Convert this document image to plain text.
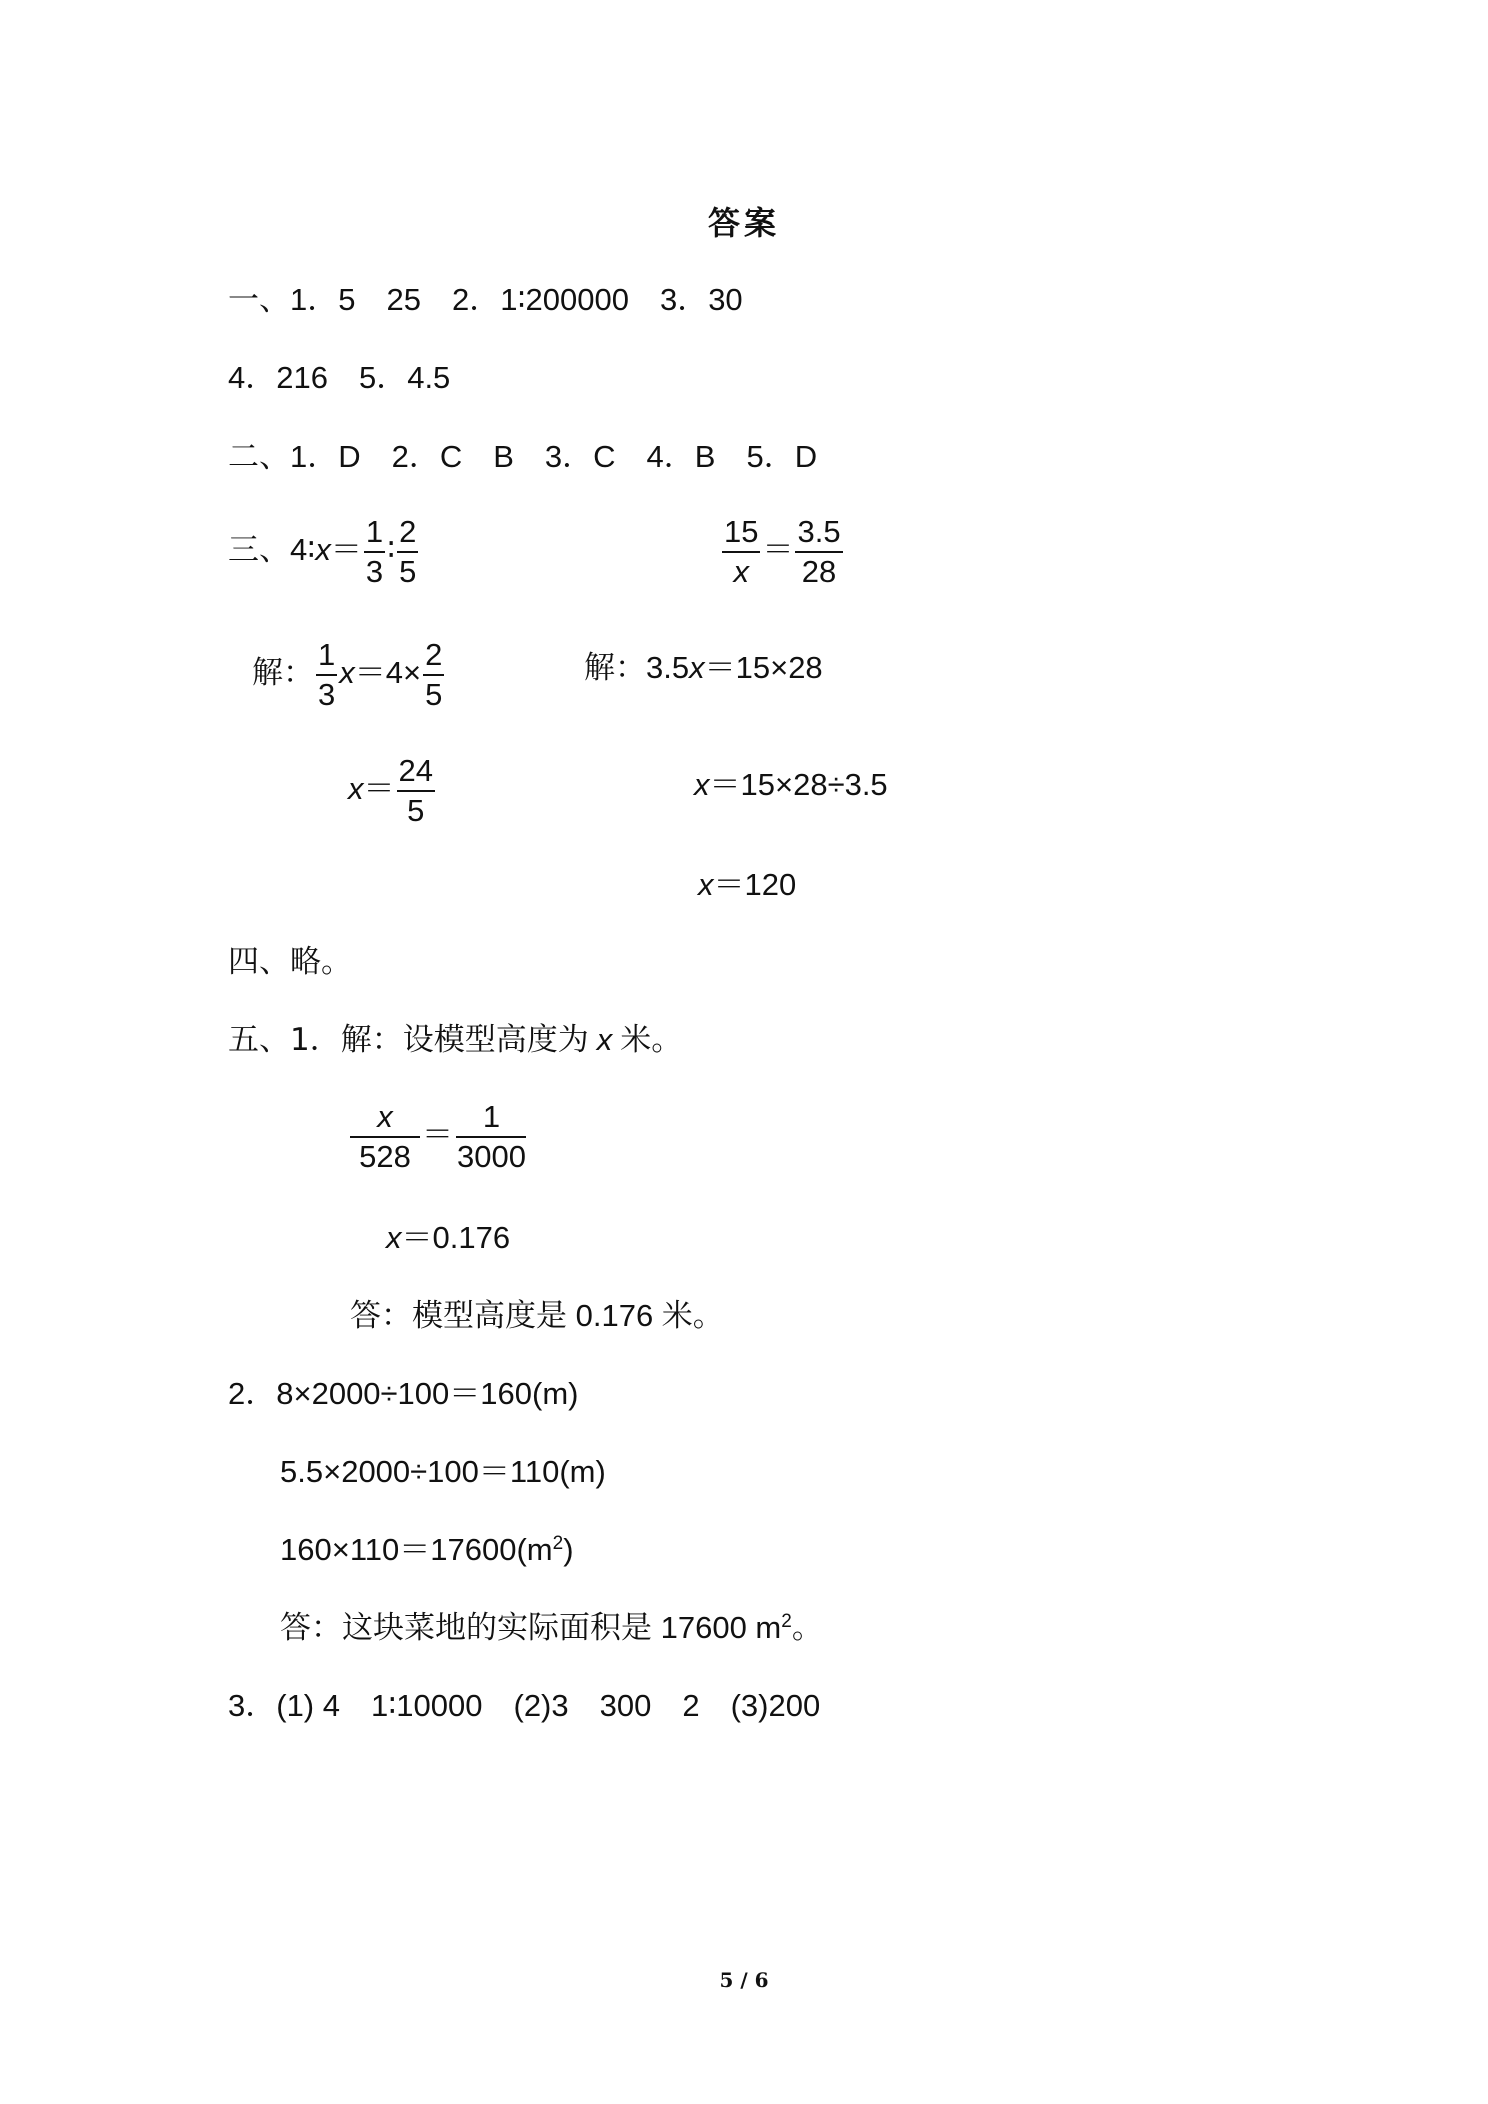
答案
一、1．5　25　2．1∶200000　3．30
4．216　5．4.5
二、1．D　2．C　B　3．C　4．B　5．D
三、4∶x＝ $\frac{1}{3}$ ∶ $\frac{2}{5}$	$\frac{15}{x} = \frac{3.5}{28}$
解： $\frac{1}{3} x=4\times \frac{2}{5}$	解：3.5x＝15×28
$x= \frac{24}{5}$	x＝15×28÷3.5
x＝120
四、略。
五、1．解：设模型高度为 x 米。
$\frac{x}{528} = \frac{1}{3000}$
x＝0.176
答：模型高度是 0.176 米。
2．8×2000÷100＝160(m)
5.5×2000÷100＝110(m)
$160\times 110=17600(m^2)$
答：这块菜地的实际面积是 17600 $m^2$。
3．(1) 4　1∶10000　(2)3　300　2　(3)200
5 / 6
